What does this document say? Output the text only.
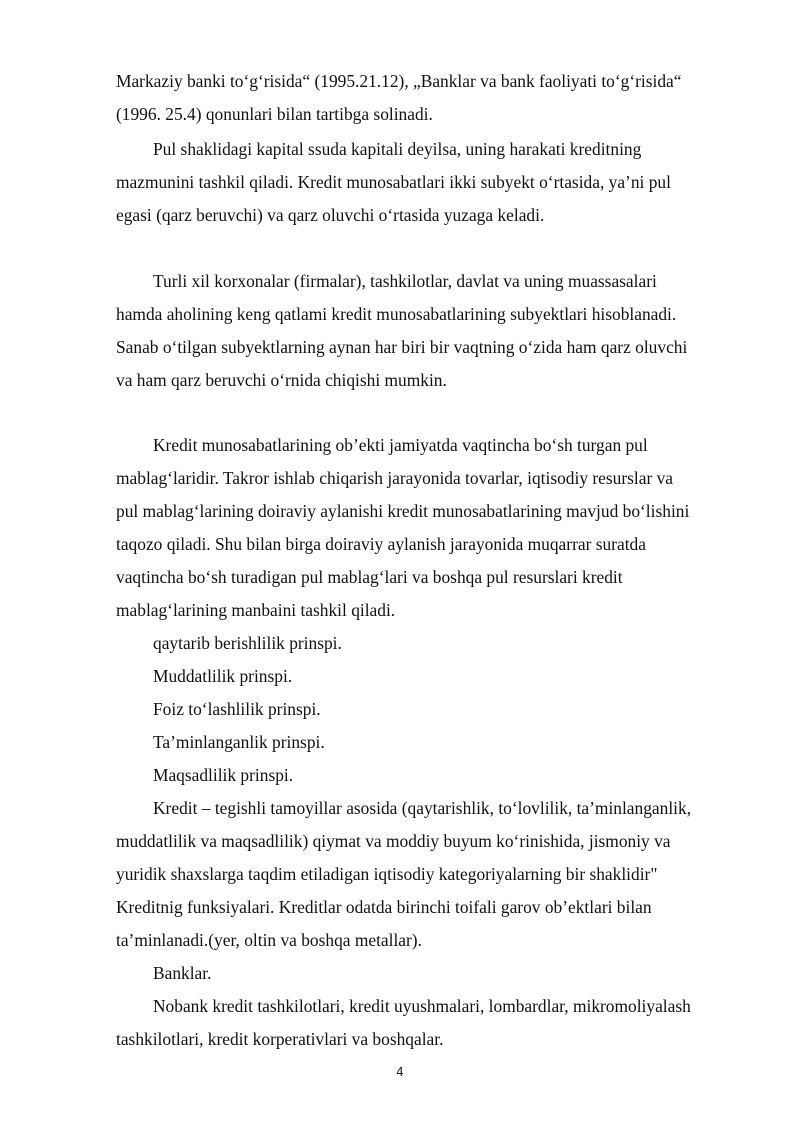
Markaziy banki to‘g‘risida“ (1995.21.12), „Banklar va bank faoliyati to‘g‘risida“
(1996. 25.4) qonunlari bilan tartibga solinadi.
Pul shaklidagi kapital ssuda kapitali deyilsa, uning harakati kreditning
mazmunini tashkil qiladi. Kredit munosabatlari ikki subyekt o‘rtasida, ya’ni pul
egasi (qarz beruvchi) va qarz oluvchi o‘rtasida yuzaga keladi.
Turli xil korxonalar (firmalar), tashkilotlar, davlat va uning muassasalari
hamda aholining keng qatlami kredit munosabatlarining subyektlari hisoblanadi.
Sanab o‘tilgan subyektlarning aynan har biri bir vaqtning o‘zida ham qarz oluvchi
va ham qarz beruvchi o‘rnida chiqishi mumkin.
Kredit munosabatlarining ob’ekti jamiyatda vaqtincha bo‘sh turgan pul
mablag‘laridir. Takror ishlab chiqarish jarayonida tovarlar, iqtisodiy resurslar va
pul mablag‘larining doiraviy aylanishi kredit munosabatlarining mavjud bo‘lishini
taqozo qiladi. Shu bilan birga doiraviy aylanish jarayonida muqarrar suratda
vaqtincha bo‘sh turadigan pul mablag‘lari va boshqa pul resurslari kredit
mablag‘larining manbaini tashkil qiladi.
qaytarib berishlilik prinspi.
Muddatlilik prinspi.
Foiz to‘lashlilik prinspi.
Ta’minlanganlik prinspi.
Maqsadlilik prinspi.
Kredit – tegishli tamoyillar asosida (qaytarishlik, to‘lovlilik, ta’minlanganlik,
muddatlilik va maqsadlilik) qiymat va moddiy buyum ko‘rinishida, jismoniy va
yuridik shaxslarga taqdim etiladigan iqtisodiy kategoriyalarning bir shaklidir"
Kreditnig funksiyalari. Kreditlar odatda birinchi toifali garov ob’ektlari bilan
ta’minlanadi.(yer, oltin va boshqa metallar).
Banklar.
Nobank kredit tashkilotlari, kredit uyushmalari, lombardlar, mikromoliyalash
tashkilotlari, kredit korperativlari va boshqalar.
4
